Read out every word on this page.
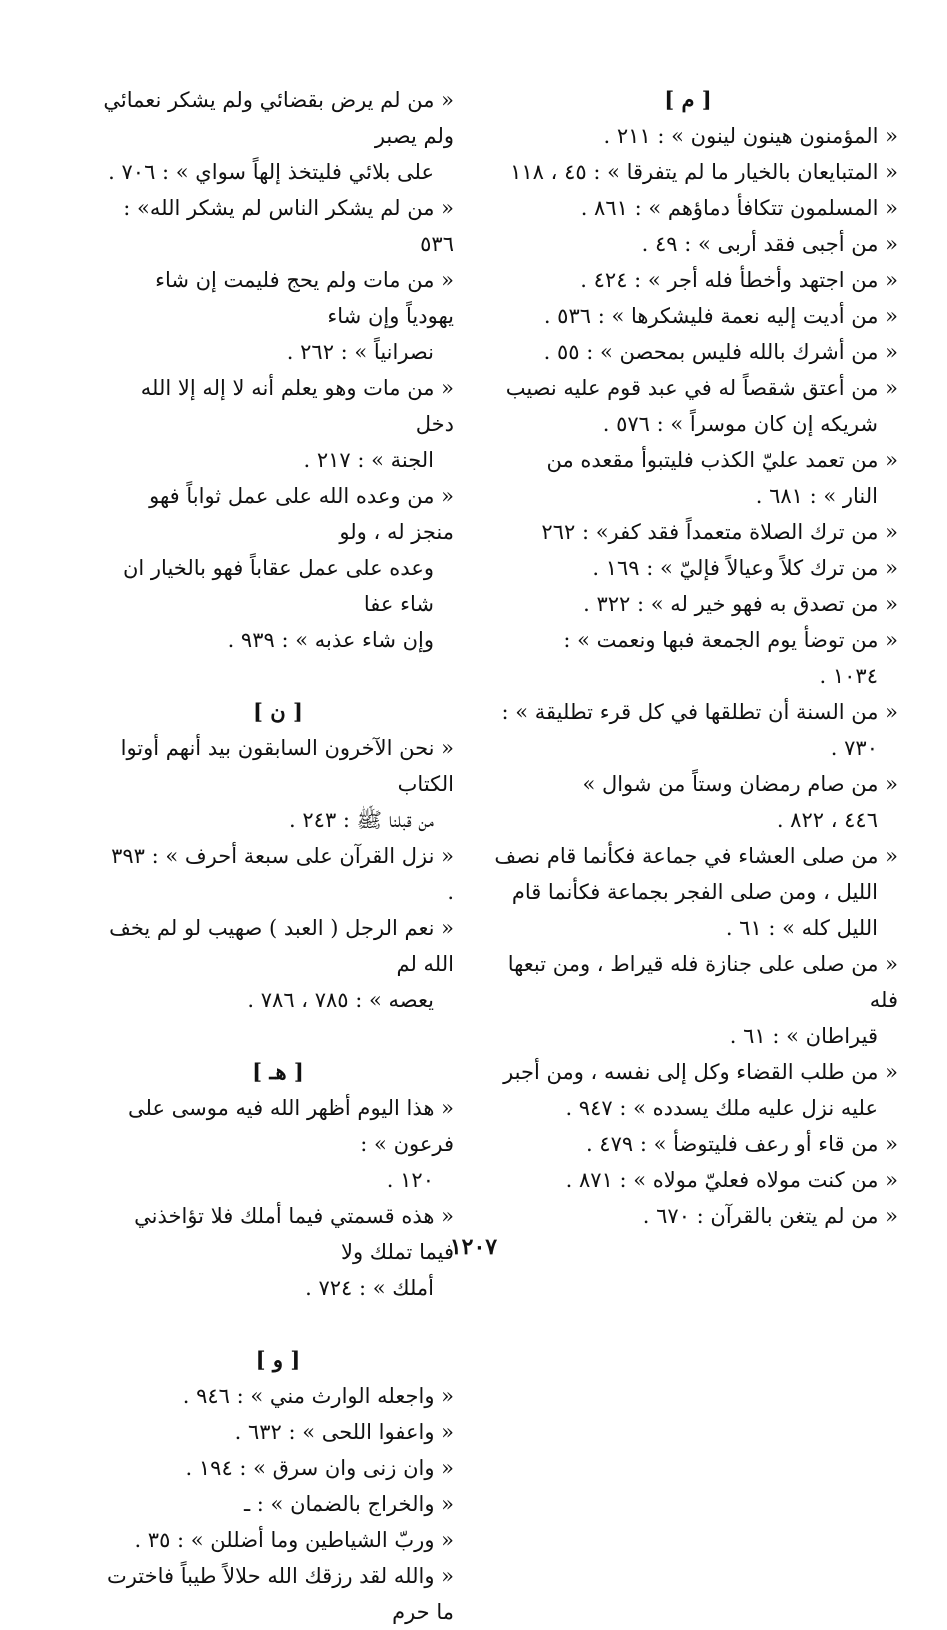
[ م ]

« المؤمنون هينون لينون » : ٢١١ .

« المتبايعان بالخيار ما لم يتفرقا » : ٤٥ ، ١١٨

« المسلمون تتكافأ دماؤهم » : ٨٦١ .

« من أجبى فقد أربى » : ٤٩ .

« من اجتهد وأخطأ فله أجر » : ٤٢٤ .

« من أديت إليه نعمة فليشكرها » : ٥٣٦ .

« من أشرك بالله فليس بمحصن » : ٥٥ .

« من أعتق شقصاً له في عبد قوم عليه نصيب
شريكه إن كان موسراً » : ٥٧٦ .

« من تعمد عليّ الكذب فليتبوأ مقعده من
النار » : ٦٨١ .

« من ترك الصلاة متعمداً فقد كفر» : ٢٦٢

« من ترك كلاً وعيالاً فإليّ » : ١٦٩ .

« من تصدق به فهو خير له » : ٣٢٢ .

« من توضأ يوم الجمعة فبها ونعمت » :
١٠٣٤ .

« من السنة أن تطلقها في كل قرء تطليقة » :
٧٣٠ .

« من صام رمضان وستاً من شوال »
٤٤٦ ، ٨٢٢ .

« من صلى العشاء في جماعة فكأنما قام نصف
الليل ، ومن صلى الفجر بجماعة فكأنما قام
الليل كله » : ٦١ .

« من صلى على جنازة فله قيراط ، ومن تبعها فله
قيراطان » : ٦١ .

« من طلب القضاء وكل إلى نفسه ، ومن أجبر
عليه نزل عليه ملك يسدده » : ٩٤٧ .

« من قاء أو رعف فليتوضأ » : ٤٧٩ .

« من كنت مولاه فعليّ مولاه » : ٨٧١ .

« من لم يتغن بالقرآن : ٦٧٠ .

« من لم يرض بقضائي ولم يشكر نعمائي ولم يصبر
على بلائي فليتخذ إلهاً سواي » : ٧٠٦ .

« من لم يشكر الناس لم يشكر الله» : ٥٣٦

« من مات ولم يحج فليمت إن شاء يهودياً وإن شاء
نصرانياً » : ٢٦٢ .

« من مات وهو يعلم أنه لا إله إلا الله دخل
الجنة » : ٢١٧ .

« من وعده الله على عمل ثواباً فهو منجز له ، ولو
وعده على عمل عقاباً فهو بالخيار ان شاء عفا
وإن شاء عذبه » : ٩٣٩ .

[ ن ]

« نحن الآخرون السابقون بيد أنهم أوتوا الكتاب
من قبلنا ﷺ : ٢٤٣ .

« نزل القرآن على سبعة أحرف » : ٣٩٣ .

« نعم الرجل ( العبد ) صهيب لو لم يخف الله لم
يعصه » : ٧٨٥ ، ٧٨٦ .

[ هـ ]

« هذا اليوم أظهر الله فيه موسى على فرعون » :
١٢٠ .

« هذه قسمتي فيما أملك فلا تؤاخذني فيما تملك ولا
أملك » : ٧٢٤ .

[ و ]

« واجعله الوارث مني » : ٩٤٦ .

« واعفوا اللحى » : ٦٣٢ .

« وان زنى وان سرق » : ١٩٤ .

« والخراج بالضمان » : ـ

« وربّ الشياطين وما أضللن » : ٣٥ .

« والله لقد رزقك الله حلالاً طيباً فاخترت ما حرم

١٢٠٧
